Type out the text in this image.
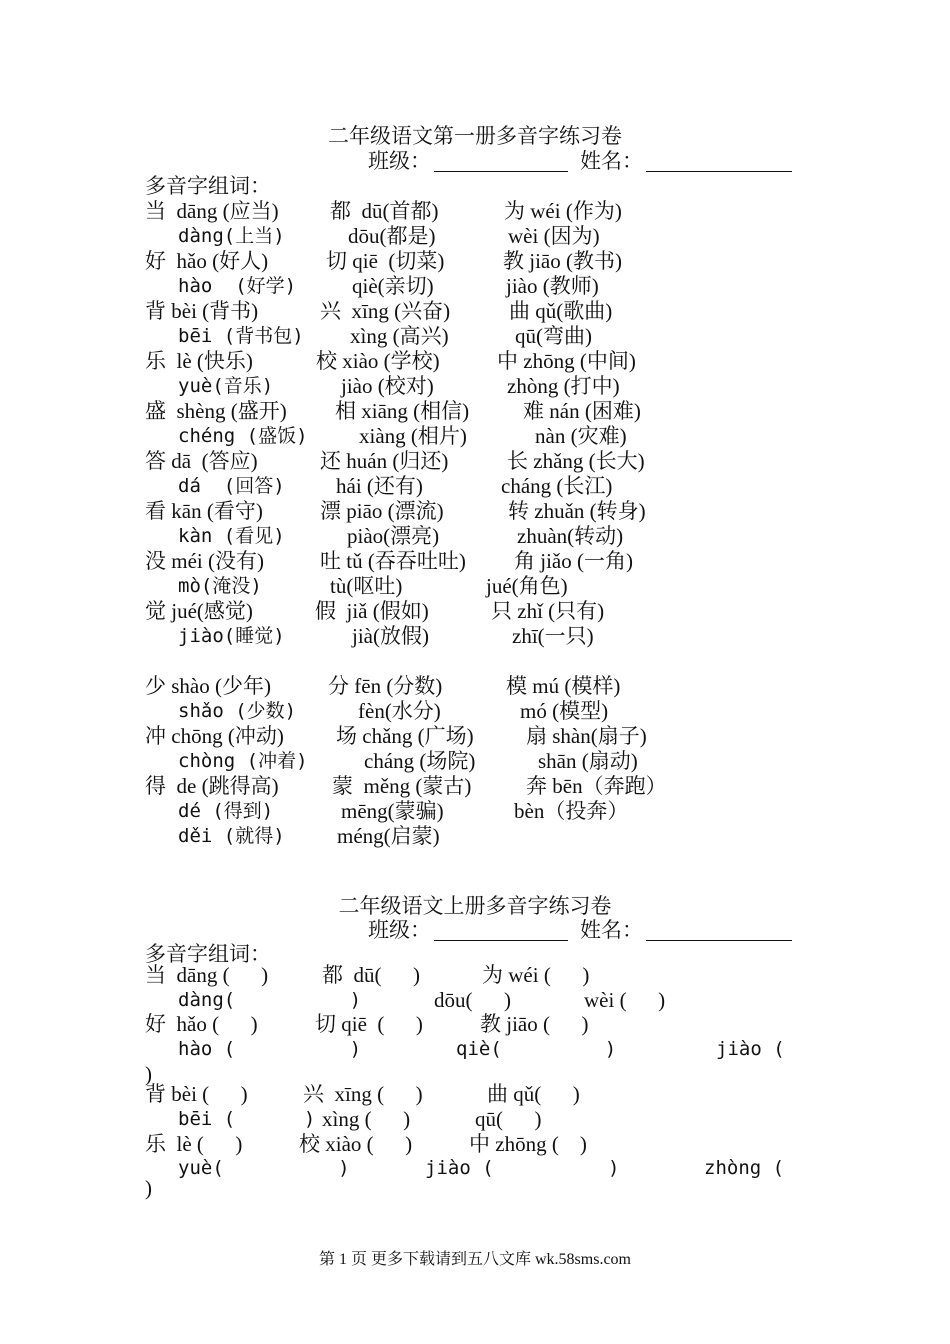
二年级语文第一册多音字练习卷
班级：	姓名：
多音字组词：
当  dāng (应当) 都  dū(首都)	为 wéi (作为)
dàng(上当)	dōu(都是)	wèi (因为)
好  hǎo (好人)	切 qiē  (切菜)	教 jiāo (教书)
hào  (好学)	qiè(亲切)	jiào (教师)
背 bèi (背书)	兴  xīng (兴奋)	曲 qǔ(歌曲)
bēi (背书包) xìng (高兴)	qū(弯曲)
乐  lè (快乐)	校 xiào (学校)	中 zhōng (中间)
yuè(音乐)	jiào (校对)	zhòng (打中)
盛  shèng (盛开) 相 xiāng (相信)	难 nán (困难)
chéng (盛饭) xiàng (相片)	nàn (灾难)
答 dā  (答应)	还 huán (归还)	长 zhǎng (长大)
dá  (回答) hái (还有)	cháng (长江)
看 kān (看守)	漂 piāo (漂流)	转 zhuǎn (转身)
kàn (看见)	piào(漂亮)	zhuàn(转动)
没 méi (没有)	吐 tǔ (吞吞吐吐) 角 jiǎo (一角)
mò(淹没)	tù(呕吐)	jué(角色)
觉 jué(感觉)	假  jiǎ (假如)	只 zhǐ (只有)
jiào(睡觉)	jià(放假)	zhī(一只)
少 shào (少年)	分 fēn (分数)	模 mú (模样)
shǎo (少数)	fèn(水分)	mó (模型)
冲 chōng (冲动) 场 chǎng (广场) 扇 shàn(扇子)
chòng (冲着)	cháng (场院)	shān (扇动)
得  de (跳得高)	蒙  měng (蒙古)	奔 bēn（奔跑）
dé (得到)	mēng(蒙骗)	bèn（投奔）
děi (就得) méng(启蒙)
二年级语文上册多音字练习卷
班级：	姓名：
多音字组词：
当  dāng (      )	都  dū(      )	为 wéi (      )
dàng(          )	dōu(      )	wèi (      )
好  hǎo (      )	切 qiē  (      )	教 jiāo (      )
hào (          )	qiè(         )	jiào (
)
背 bèi (      )	兴  xīng (      )	曲 qǔ(      )
bēi (      ) xìng (      )	qū(      )
乐  lè (      )	校 xiào (      )	中 zhōng (    )
yuè(          )	jiào (          )	zhòng (
)
第 1 页 更多下载请到五八文库 wk.58sms.com
